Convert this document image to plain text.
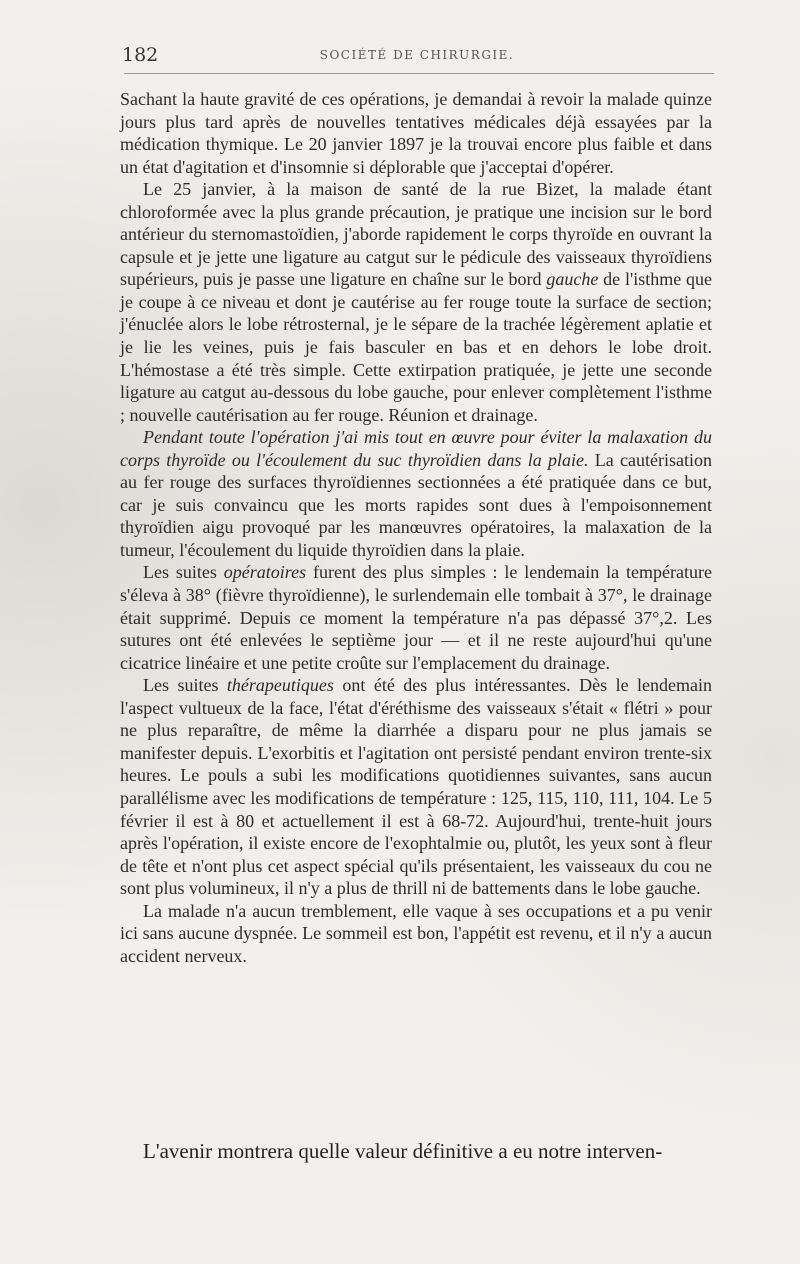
182	SOCIÉTÉ DE CHIRURGIE.

Sachant la haute gravité de ces opérations, je demandai à revoir la malade quinze jours plus tard après de nouvelles tentatives médicales déjà essayées par la médication thymique. Le 20 janvier 1897 je la trouvai encore plus faible et dans un état d'agitation et d'insomnie si déplorable que j'acceptai d'opérer.

Le 25 janvier, à la maison de santé de la rue Bizet, la malade étant chloroformée avec la plus grande précaution, je pratique une incision sur le bord antérieur du sternomastoïdien, j'aborde rapidement le corps thyroïde en ouvrant la capsule et je jette une ligature au catgut sur le pédicule des vaisseaux thyroïdiens supérieurs, puis je passe une ligature en chaîne sur le bord gauche de l'isthme que je coupe à ce niveau et dont je cautérise au fer rouge toute la surface de section; j'énuclée alors le lobe rétrosternal, je le sépare de la trachée légèrement aplatie et je lie les veines, puis je fais basculer en bas et en dehors le lobe droit. L'hémostase a été très simple. Cette extirpation pratiquée, je jette une seconde ligature au catgut au-dessous du lobe gauche, pour enlever complètement l'isthme ; nouvelle cautérisation au fer rouge. Réunion et drainage.

Pendant toute l'opération j'ai mis tout en œuvre pour éviter la malaxation du corps thyroïde ou l'écoulement du suc thyroïdien dans la plaie. La cautérisation au fer rouge des surfaces thyroïdiennes sectionnées a été pratiquée dans ce but, car je suis convaincu que les morts rapides sont dues à l'empoisonnement thyroïdien aigu provoqué par les manœuvres opératoires, la malaxation de la tumeur, l'écoulement du liquide thyroïdien dans la plaie.

Les suites opératoires furent des plus simples : le lendemain la température s'éleva à 38° (fièvre thyroïdienne), le surlendemain elle tombait à 37°, le drainage était supprimé. Depuis ce moment la température n'a pas dépassé 37°,2. Les sutures ont été enlevées le septième jour — et il ne reste aujourd'hui qu'une cicatrice linéaire et une petite croûte sur l'emplacement du drainage.

Les suites thérapeutiques ont été des plus intéressantes. Dès le lendemain l'aspect vultueux de la face, l'état d'éréthisme des vaisseaux s'était « flétri » pour ne plus reparaître, de même la diarrhée a disparu pour ne plus jamais se manifester depuis. L'exorbitis et l'agitation ont persisté pendant environ trente-six heures. Le pouls a subi les modifications quotidiennes suivantes, sans aucun parallélisme avec les modifications de température : 125, 115, 110, 111, 104. Le 5 février il est à 80 et actuellement il est à 68-72. Aujourd'hui, trente-huit jours après l'opération, il existe encore de l'exophtalmie ou, plutôt, les yeux sont à fleur de tête et n'ont plus cet aspect spécial qu'ils présentaient, les vaisseaux du cou ne sont plus volumineux, il n'y a plus de thrill ni de battements dans le lobe gauche.

La malade n'a aucun tremblement, elle vaque à ses occupations et a pu venir ici sans aucune dyspnée. Le sommeil est bon, l'appétit est revenu, et il n'y a aucun accident nerveux.

L'avenir montrera quelle valeur définitive a eu notre interven-
